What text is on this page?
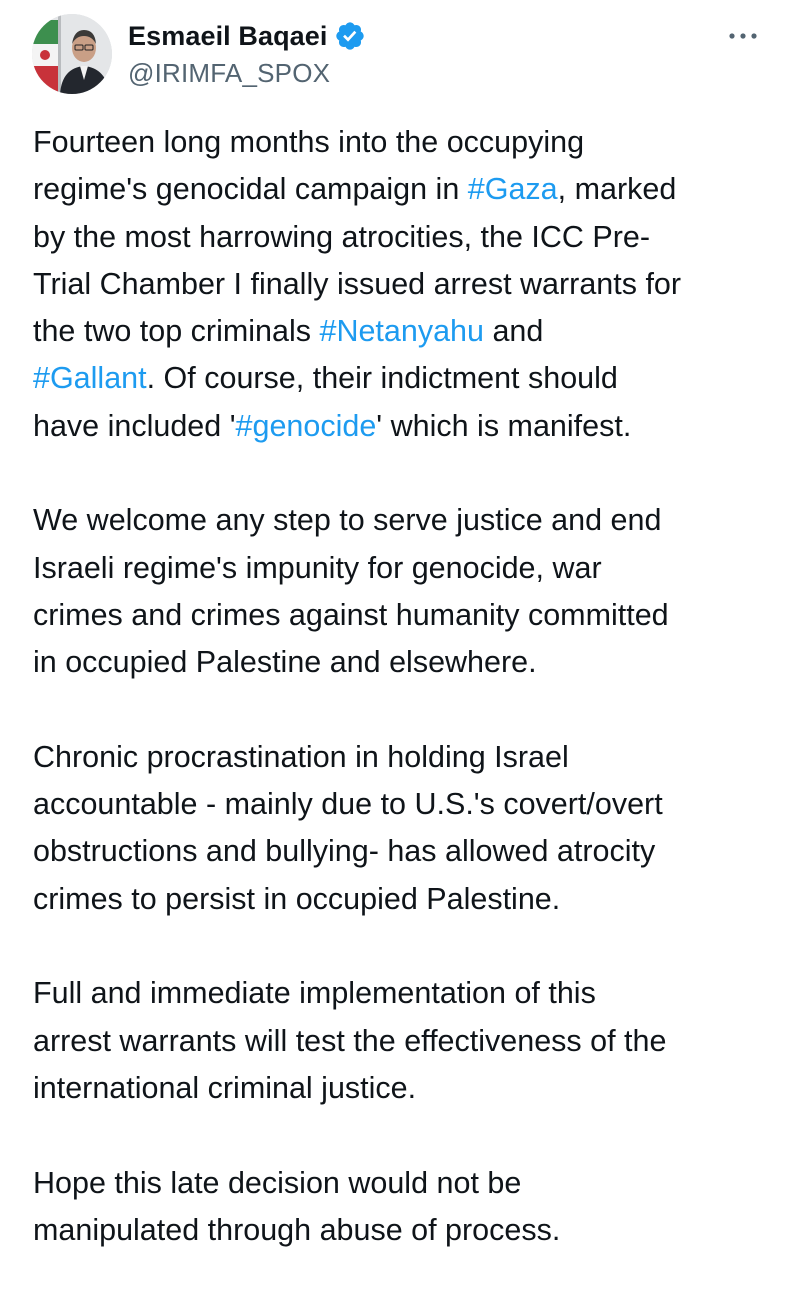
Esmaeil Baqaei
@IRIMFA_SPOX

Fourteen long months into the occupying
regime's genocidal campaign in #Gaza, marked
by the most harrowing atrocities, the ICC Pre-
Trial Chamber I finally issued arrest warrants for
the two top criminals #Netanyahu and
#Gallant. Of course, their indictment should
have included '#genocide' which is manifest.

We welcome any step to serve justice and end
Israeli regime's impunity for genocide, war
crimes and crimes against humanity committed
in occupied Palestine and elsewhere.

Chronic procrastination in holding Israel
accountable - mainly due to U.S.'s covert/overt
obstructions and bullying- has allowed atrocity
crimes to persist in occupied Palestine.

Full and immediate implementation of this
arrest warrants will test the effectiveness of the
international criminal justice.

Hope this late decision would not be
manipulated through abuse of process.
